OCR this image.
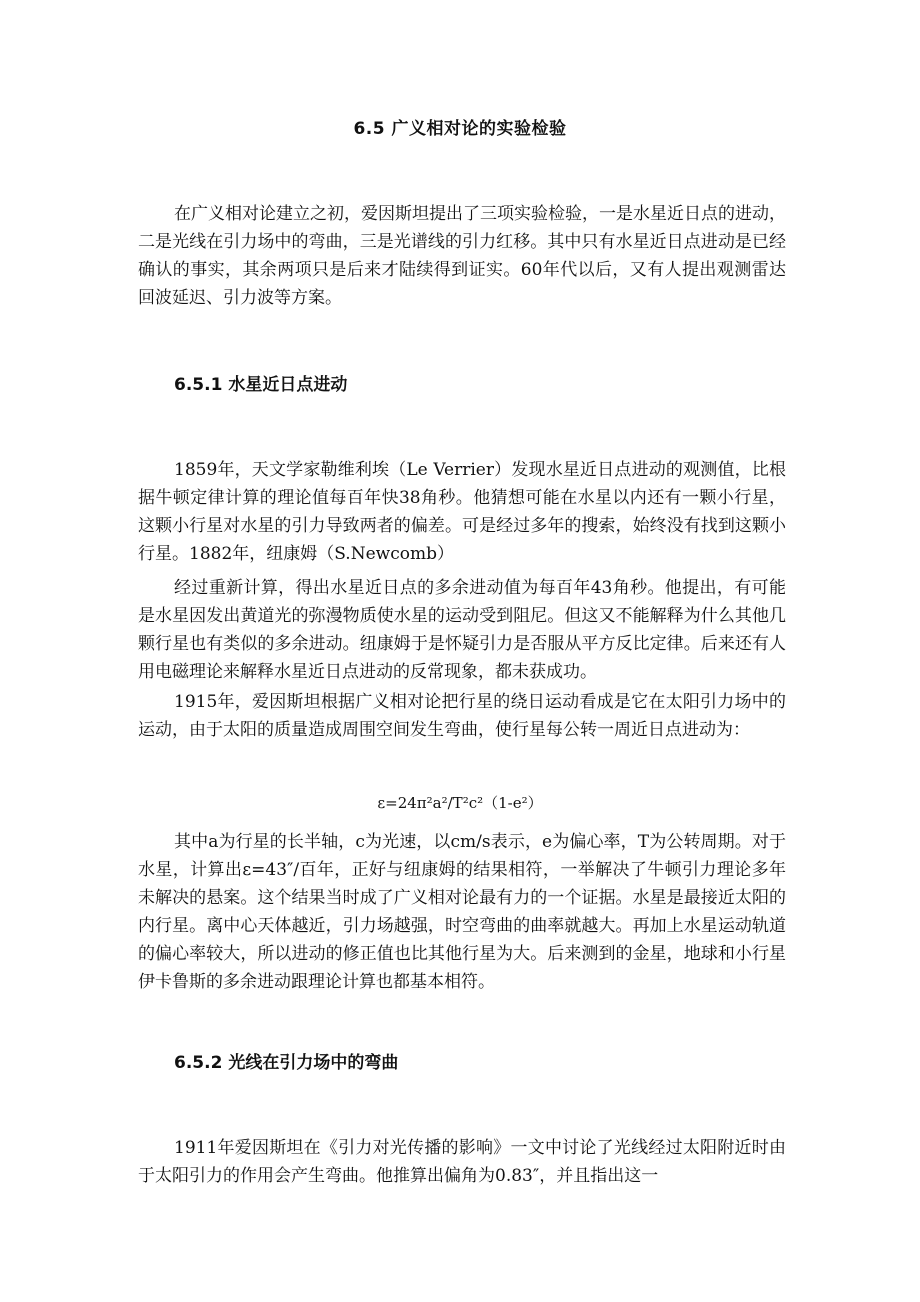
6.5 广义相对论的实验检验

在广义相对论建立之初，爱因斯坦提出了三项实验检验，一是水星近日点的进动，二是光线在引力场中的弯曲，三是光谱线的引力红移。其中只有水星近日点进动是已经确认的事实，其余两项只是后来才陆续得到证实。60年代以后，又有人提出观测雷达回波延迟、引力波等方案。

6.5.1 水星近日点进动

1859年，天文学家勒维利埃（Le Verrier）发现水星近日点进动的观测值，比根据牛顿定律计算的理论值每百年快38角秒。他猜想可能在水星以内还有一颗小行星，这颗小行星对水星的引力导致两者的偏差。可是经过多年的搜索，始终没有找到这颗小行星。1882年，纽康姆（S.Newcomb）

经过重新计算，得出水星近日点的多余进动值为每百年43角秒。他提出，有可能是水星因发出黄道光的弥漫物质使水星的运动受到阻尼。但这又不能解释为什么其他几颗行星也有类似的多余进动。纽康姆于是怀疑引力是否服从平方反比定律。后来还有人用电磁理论来解释水星近日点进动的反常现象，都未获成功。

1915年，爱因斯坦根据广义相对论把行星的绕日运动看成是它在太阳引力场中的运动，由于太阳的质量造成周围空间发生弯曲，使行星每公转一周近日点进动为：

ε=24π²a²/T²c²（1-e²）

其中a为行星的长半轴，c为光速，以cm/s表示，e为偏心率，T为公转周期。对于水星，计算出ε=43″/百年，正好与纽康姆的结果相符，一举解决了牛顿引力理论多年未解决的悬案。这个结果当时成了广义相对论最有力的一个证据。水星是最接近太阳的内行星。离中心天体越近，引力场越强，时空弯曲的曲率就越大。再加上水星运动轨道的偏心率较大，所以进动的修正值也比其他行星为大。后来测到的金星，地球和小行星伊卡鲁斯的多余进动跟理论计算也都基本相符。

6.5.2 光线在引力场中的弯曲

1911年爱因斯坦在《引力对光传播的影响》一文中讨论了光线经过太阳附近时由于太阳引力的作用会产生弯曲。他推算出偏角为0.83″，并且指出这一
